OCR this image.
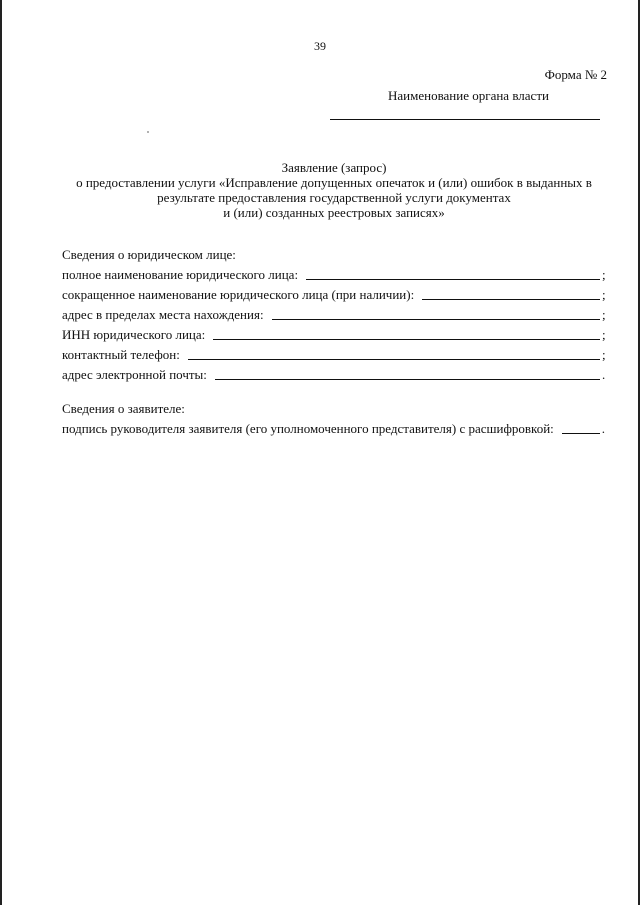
39
Форма № 2
Наименование органа власти
Заявление (запрос)
о предоставлении услуги «Исправление допущенных опечаток и (или) ошибок в выданных в
результате предоставления государственной услуги документах
и (или) созданных реестровых записях»
Сведения о юридическом лице:
полное наименование юридического лица:	;
сокращенное наименование юридического лица (при наличии):	;
адрес в пределах места нахождения:	;
ИНН юридического лица:	;
контактный телефон:	;
адрес электронной почты:	.
Сведения о заявителе:
подпись руководителя заявителя (его уполномоченного представителя) с расшифровкой:	.
